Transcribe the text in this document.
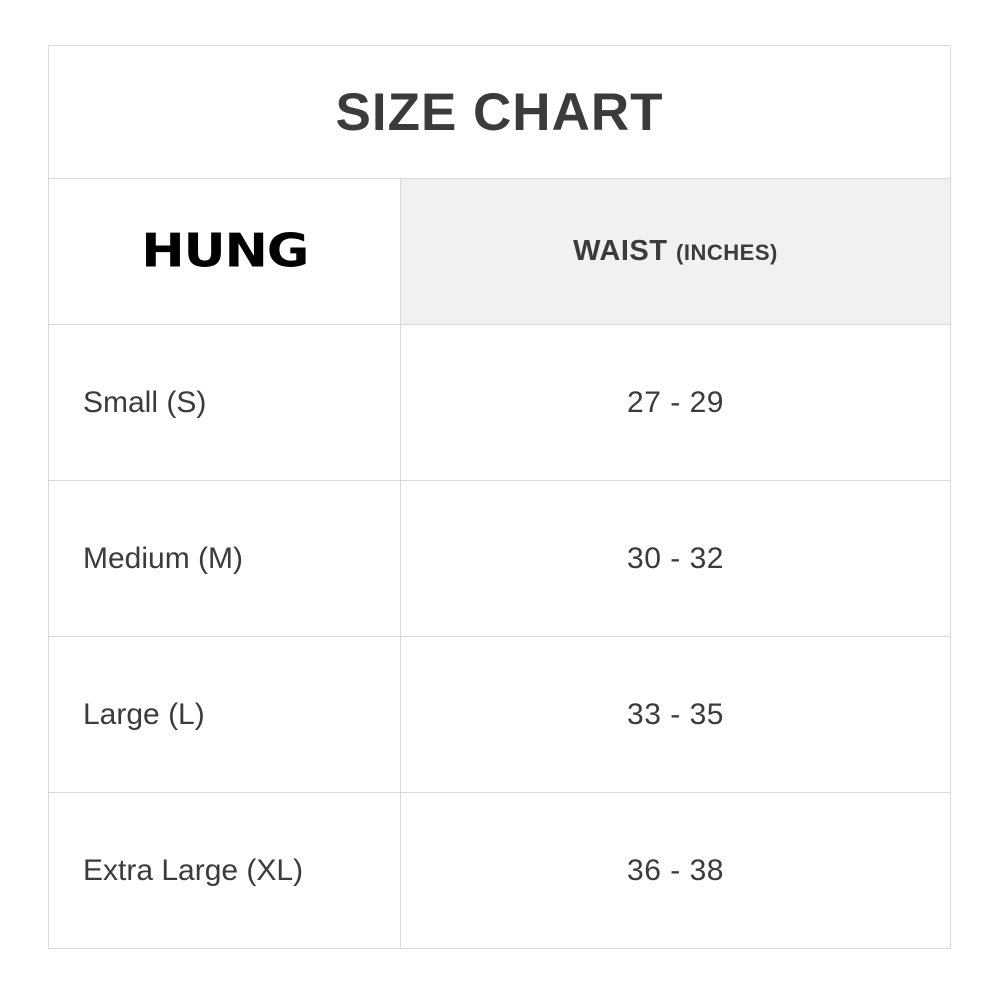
SIZE CHART
HUNG	WAIST (INCHES)
Small (S)	27 - 29
Medium (M)	30 - 32
Large (L)	33 - 35
Extra Large (XL)	36 - 38
